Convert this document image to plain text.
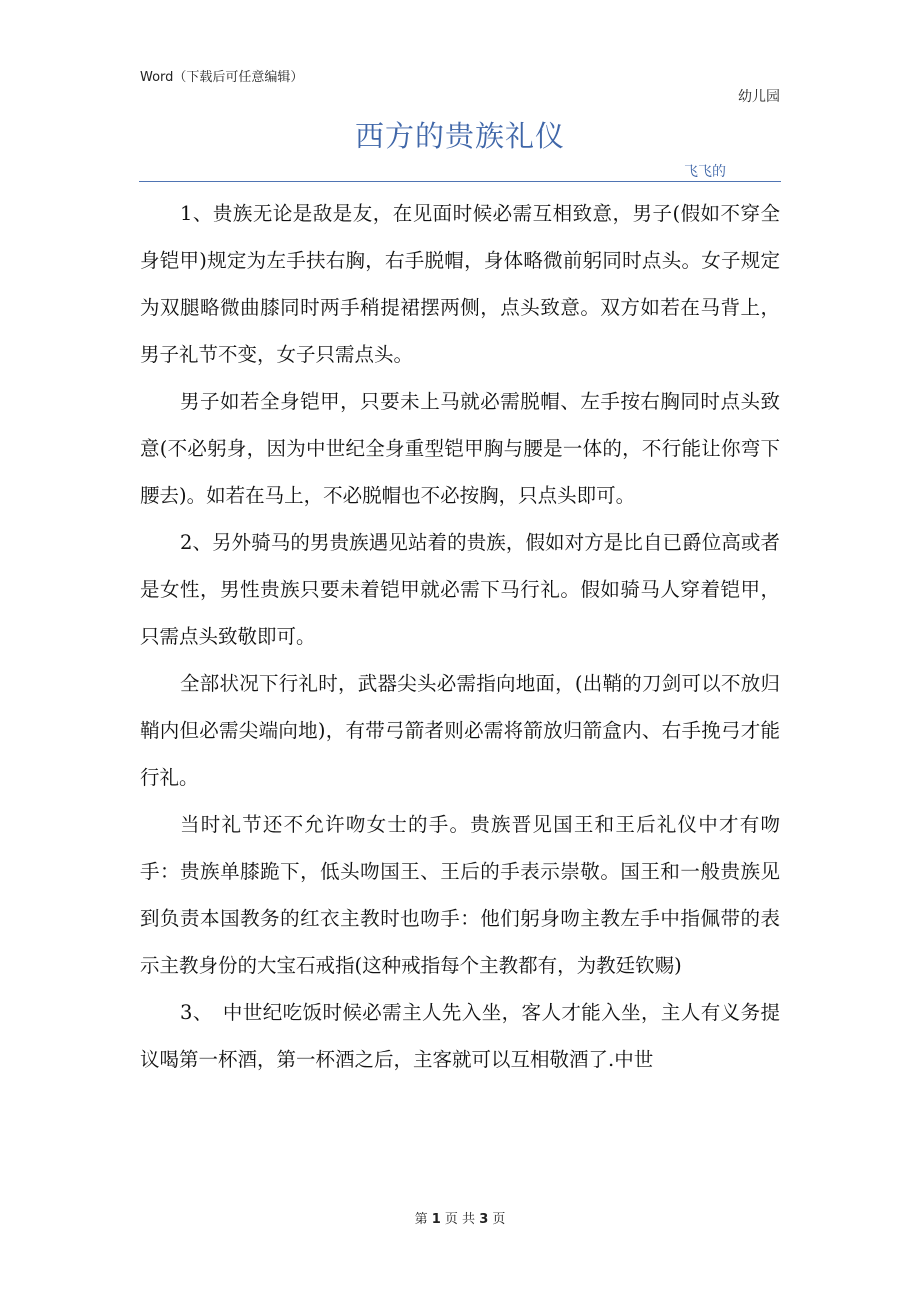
Word（下载后可任意编辑）
幼儿园
西方的贵族礼仪
飞飞的

1、贵族无论是敌是友，在见面时候必需互相致意，男子(假如不穿全身铠甲)规定为左手扶右胸，右手脱帽，身体略微前躬同时点头。女子规定为双腿略微曲膝同时两手稍提裙摆两侧，点头致意。双方如若在马背上，男子礼节不变，女子只需点头。

男子如若全身铠甲，只要未上马就必需脱帽、左手按右胸同时点头致意(不必躬身，因为中世纪全身重型铠甲胸与腰是一体的，不行能让你弯下腰去)。如若在马上，不必脱帽也不必按胸，只点头即可。

2、另外骑马的男贵族遇见站着的贵族，假如对方是比自已爵位高或者是女性，男性贵族只要未着铠甲就必需下马行礼。假如骑马人穿着铠甲，只需点头致敬即可。

全部状况下行礼时，武器尖头必需指向地面，(出鞘的刀剑可以不放归鞘内但必需尖端向地)，有带弓箭者则必需将箭放归箭盒内、右手挽弓才能行礼。

当时礼节还不允许吻女士的手。贵族晋见国王和王后礼仪中才有吻手：贵族单膝跪下，低头吻国王、王后的手表示崇敬。国王和一般贵族见到负责本国教务的红衣主教时也吻手：他们躬身吻主教左手中指佩带的表示主教身份的大宝石戒指(这种戒指每个主教都有，为教廷钦赐)

3、　中世纪吃饭时候必需主人先入坐，客人才能入坐，主人有义务提议喝第一杯酒，第一杯酒之后，主客就可以互相敬酒了.中世

第 1 页 共 3 页
